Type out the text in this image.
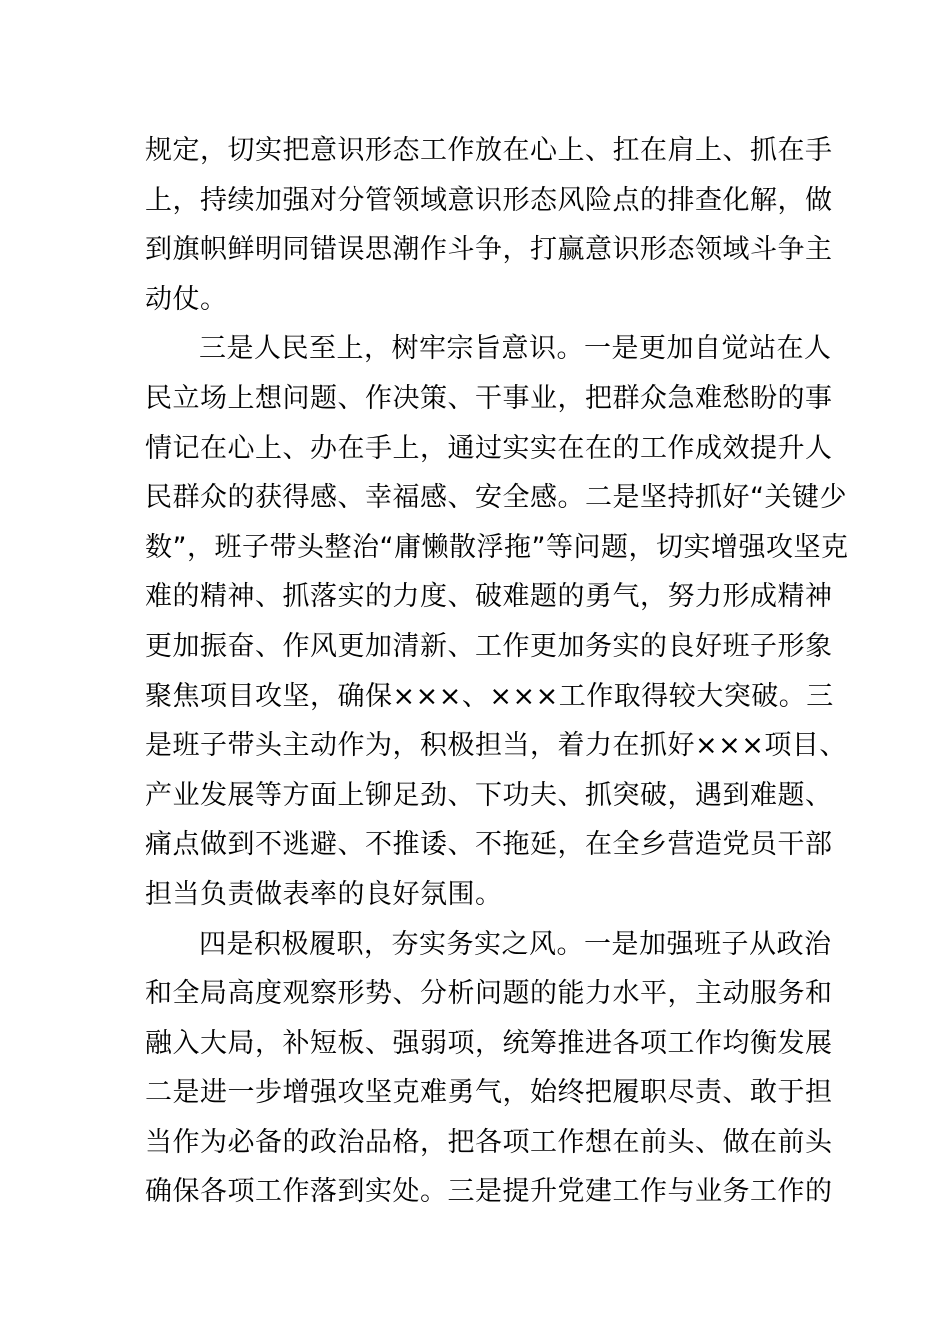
规定，切实把意识形态工作放在心上、扛在肩上、抓在手
上，持续加强对分管领域意识形态风险点的排查化解，做
到旗帜鲜明同错误思潮作斗争，打赢意识形态领域斗争主
动仗。
三是人民至上，树牢宗旨意识。一是更加自觉站在人
民立场上想问题、作决策、干事业，把群众急难愁盼的事
情记在心上、办在手上，通过实实在在的工作成效提升人
民群众的获得感、幸福感、安全感。二是坚持抓好“关键少
数”，班子带头整治“庸懒散浮拖”等问题，切实增强攻坚克
难的精神、抓落实的力度、破难题的勇气，努力形成精神
更加振奋、作风更加清新、工作更加务实的良好班子形象
聚焦项目攻坚，确保×××、×××工作取得较大突破。三
是班子带头主动作为，积极担当，着力在抓好×××项目、
产业发展等方面上铆足劲、下功夫、抓突破，遇到难题、
痛点做到不逃避、不推诿、不拖延，在全乡营造党员干部
担当负责做表率的良好氛围。
四是积极履职，夯实务实之风。一是加强班子从政治
和全局高度观察形势、分析问题的能力水平，主动服务和
融入大局，补短板、强弱项，统筹推进各项工作均衡发展
二是进一步增强攻坚克难勇气，始终把履职尽责、敢于担
当作为必备的政治品格，把各项工作想在前头、做在前头
确保各项工作落到实处。三是提升党建工作与业务工作的
